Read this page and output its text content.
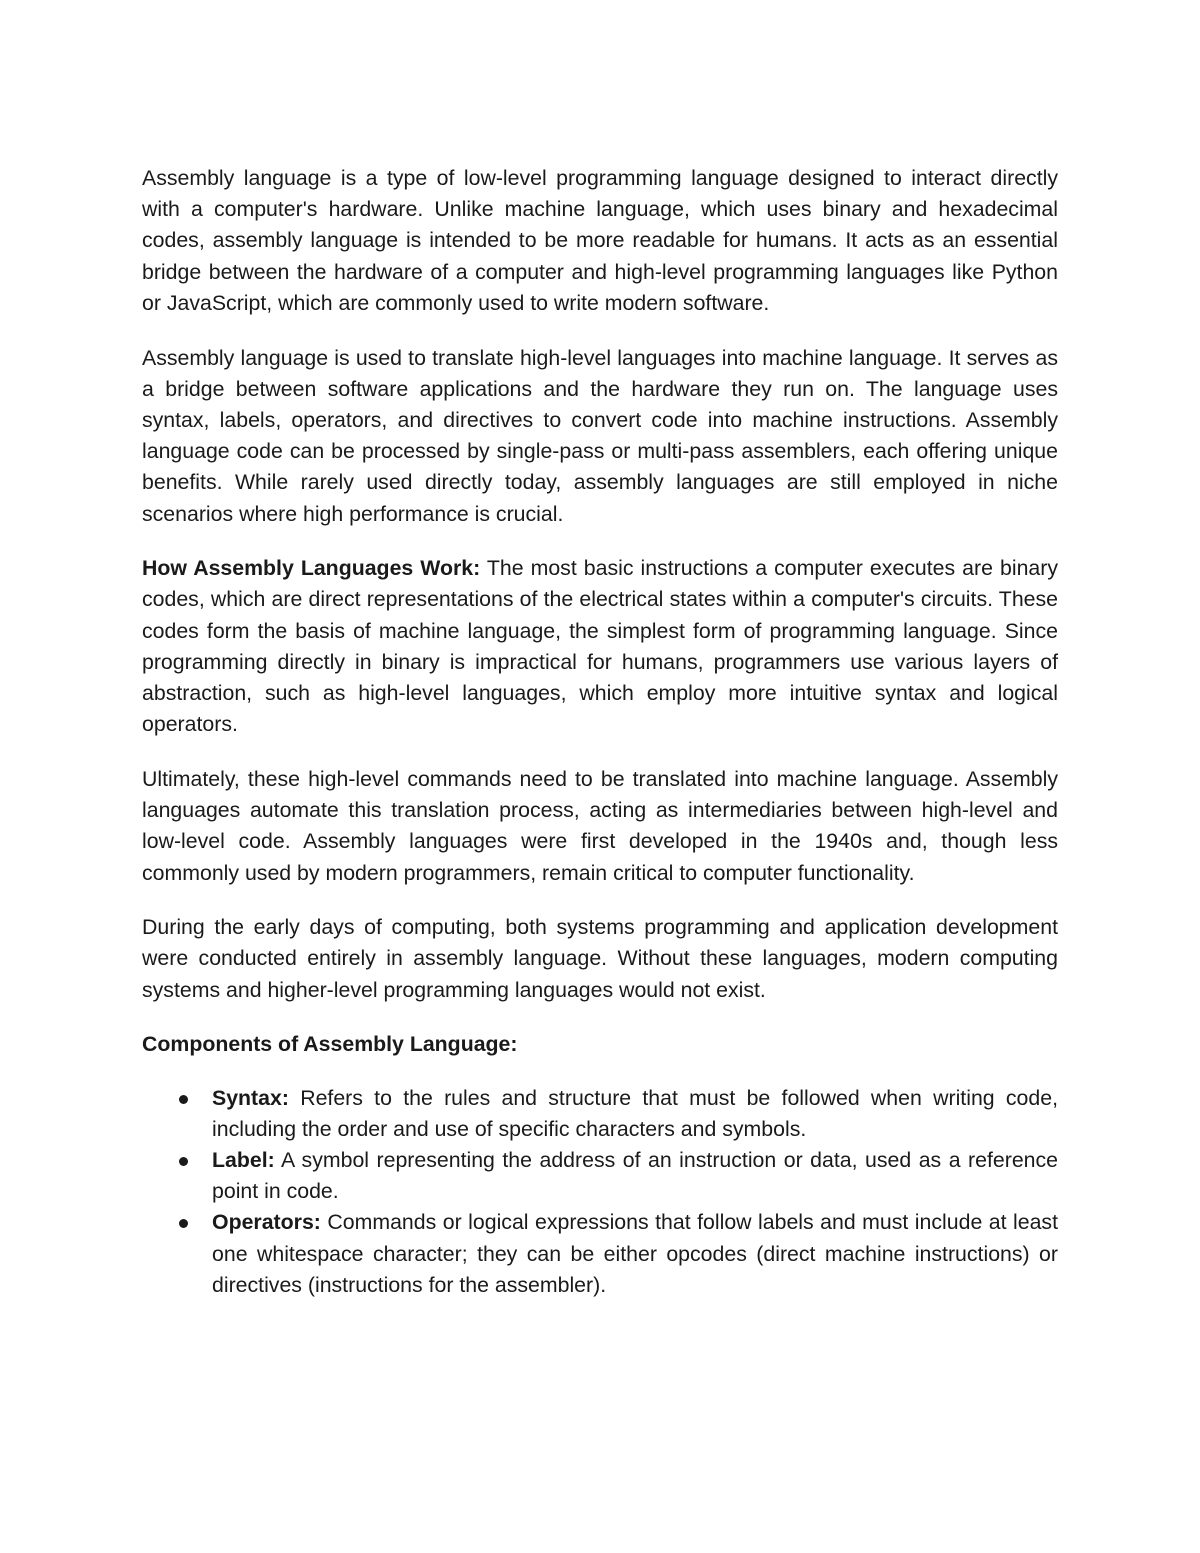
Assembly language is a type of low-level programming language designed to interact directly with a computer's hardware. Unlike machine language, which uses binary and hexadecimal codes, assembly language is intended to be more readable for humans. It acts as an essential bridge between the hardware of a computer and high-level programming languages like Python or JavaScript, which are commonly used to write modern software.

Assembly language is used to translate high-level languages into machine language. It serves as a bridge between software applications and the hardware they run on. The language uses syntax, labels, operators, and directives to convert code into machine instructions. Assembly language code can be processed by single-pass or multi-pass assemblers, each offering unique benefits. While rarely used directly today, assembly languages are still employed in niche scenarios where high performance is crucial.

How Assembly Languages Work: The most basic instructions a computer executes are binary codes, which are direct representations of the electrical states within a computer's circuits. These codes form the basis of machine language, the simplest form of programming language. Since programming directly in binary is impractical for humans, programmers use various layers of abstraction, such as high-level languages, which employ more intuitive syntax and logical operators.

Ultimately, these high-level commands need to be translated into machine language. Assembly languages automate this translation process, acting as intermediaries between high-level and low-level code. Assembly languages were first developed in the 1940s and, though less commonly used by modern programmers, remain critical to computer functionality.

During the early days of computing, both systems programming and application development were conducted entirely in assembly language. Without these languages, modern computing systems and higher-level programming languages would not exist.

Components of Assembly Language:

Syntax: Refers to the rules and structure that must be followed when writing code, including the order and use of specific characters and symbols.
Label: A symbol representing the address of an instruction or data, used as a reference point in code.
Operators: Commands or logical expressions that follow labels and must include at least one whitespace character; they can be either opcodes (direct machine instructions) or directives (instructions for the assembler).
